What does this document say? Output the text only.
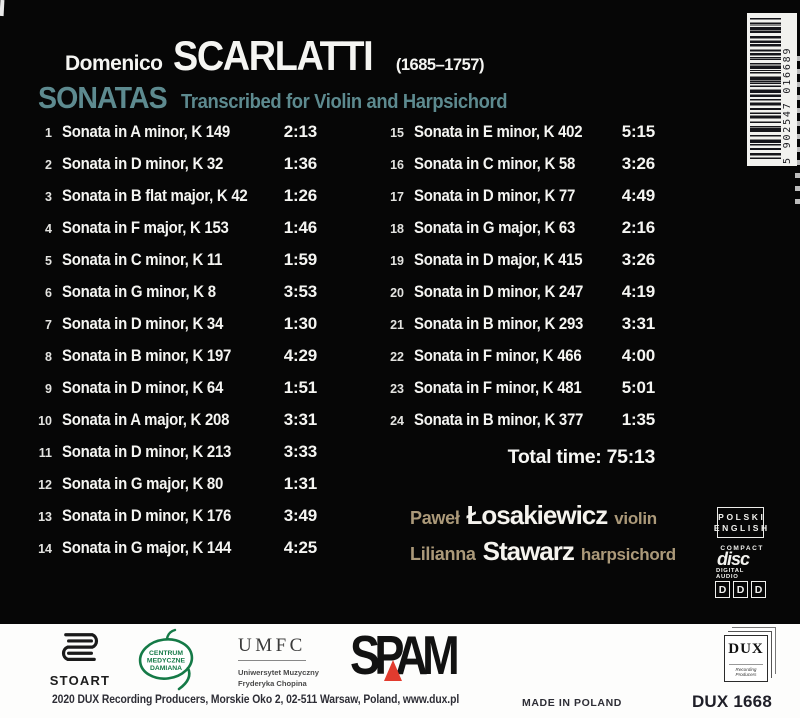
Domenico SCARLATTI (1685–1757)
SONATAS Transcribed for Violin and Harpsichord
1 Sonata in A minor, K 149	2:13
2 Sonata in D minor, K 32	1:36
3 Sonata in B flat major, K 42	1:26
4 Sonata in F major, K 153	1:46
5 Sonata in C minor, K 11	1:59
6 Sonata in G minor, K 8	3:53
7 Sonata in D minor, K 34	1:30
8 Sonata in B minor, K 197	4:29
9 Sonata in D minor, K 64	1:51
10 Sonata in A major, K 208	3:31
11 Sonata in D minor, K 213	3:33
12 Sonata in G major, K 80	1:31
13 Sonata in D minor, K 176	3:49
14 Sonata in G major, K 144	4:25
15 Sonata in E minor, K 402	5:15
16 Sonata in C minor, K 58	3:26
17 Sonata in D minor, K 77	4:49
18 Sonata in G major, K 63	2:16
19 Sonata in D major, K 415	3:26
20 Sonata in D minor, K 247	4:19
21 Sonata in B minor, K 293	3:31
22 Sonata in F minor, K 466	4:00
23 Sonata in F minor, K 481	5:01
24 Sonata in B minor, K 377	1:35
Total time: 75:13
Paweł Łosakiewicz violin
Lilianna Stawarz harpsichord
POLSKI
ENGLISH
COMPACT
disc
DIGITAL AUDIO
D D D
5 902547 016689
STOART
CENTRUM
MEDYCZNE
DAMIANA
UMFC
Uniwersytet Muzyczny
Fryderyka Chopina SPAM	DUX
Recording Producers
2020 DUX Recording Producers, Morskie Oko 2, 02-511 Warsaw, Poland, www.dux.pl	MADE IN POLAND	DUX 1668
